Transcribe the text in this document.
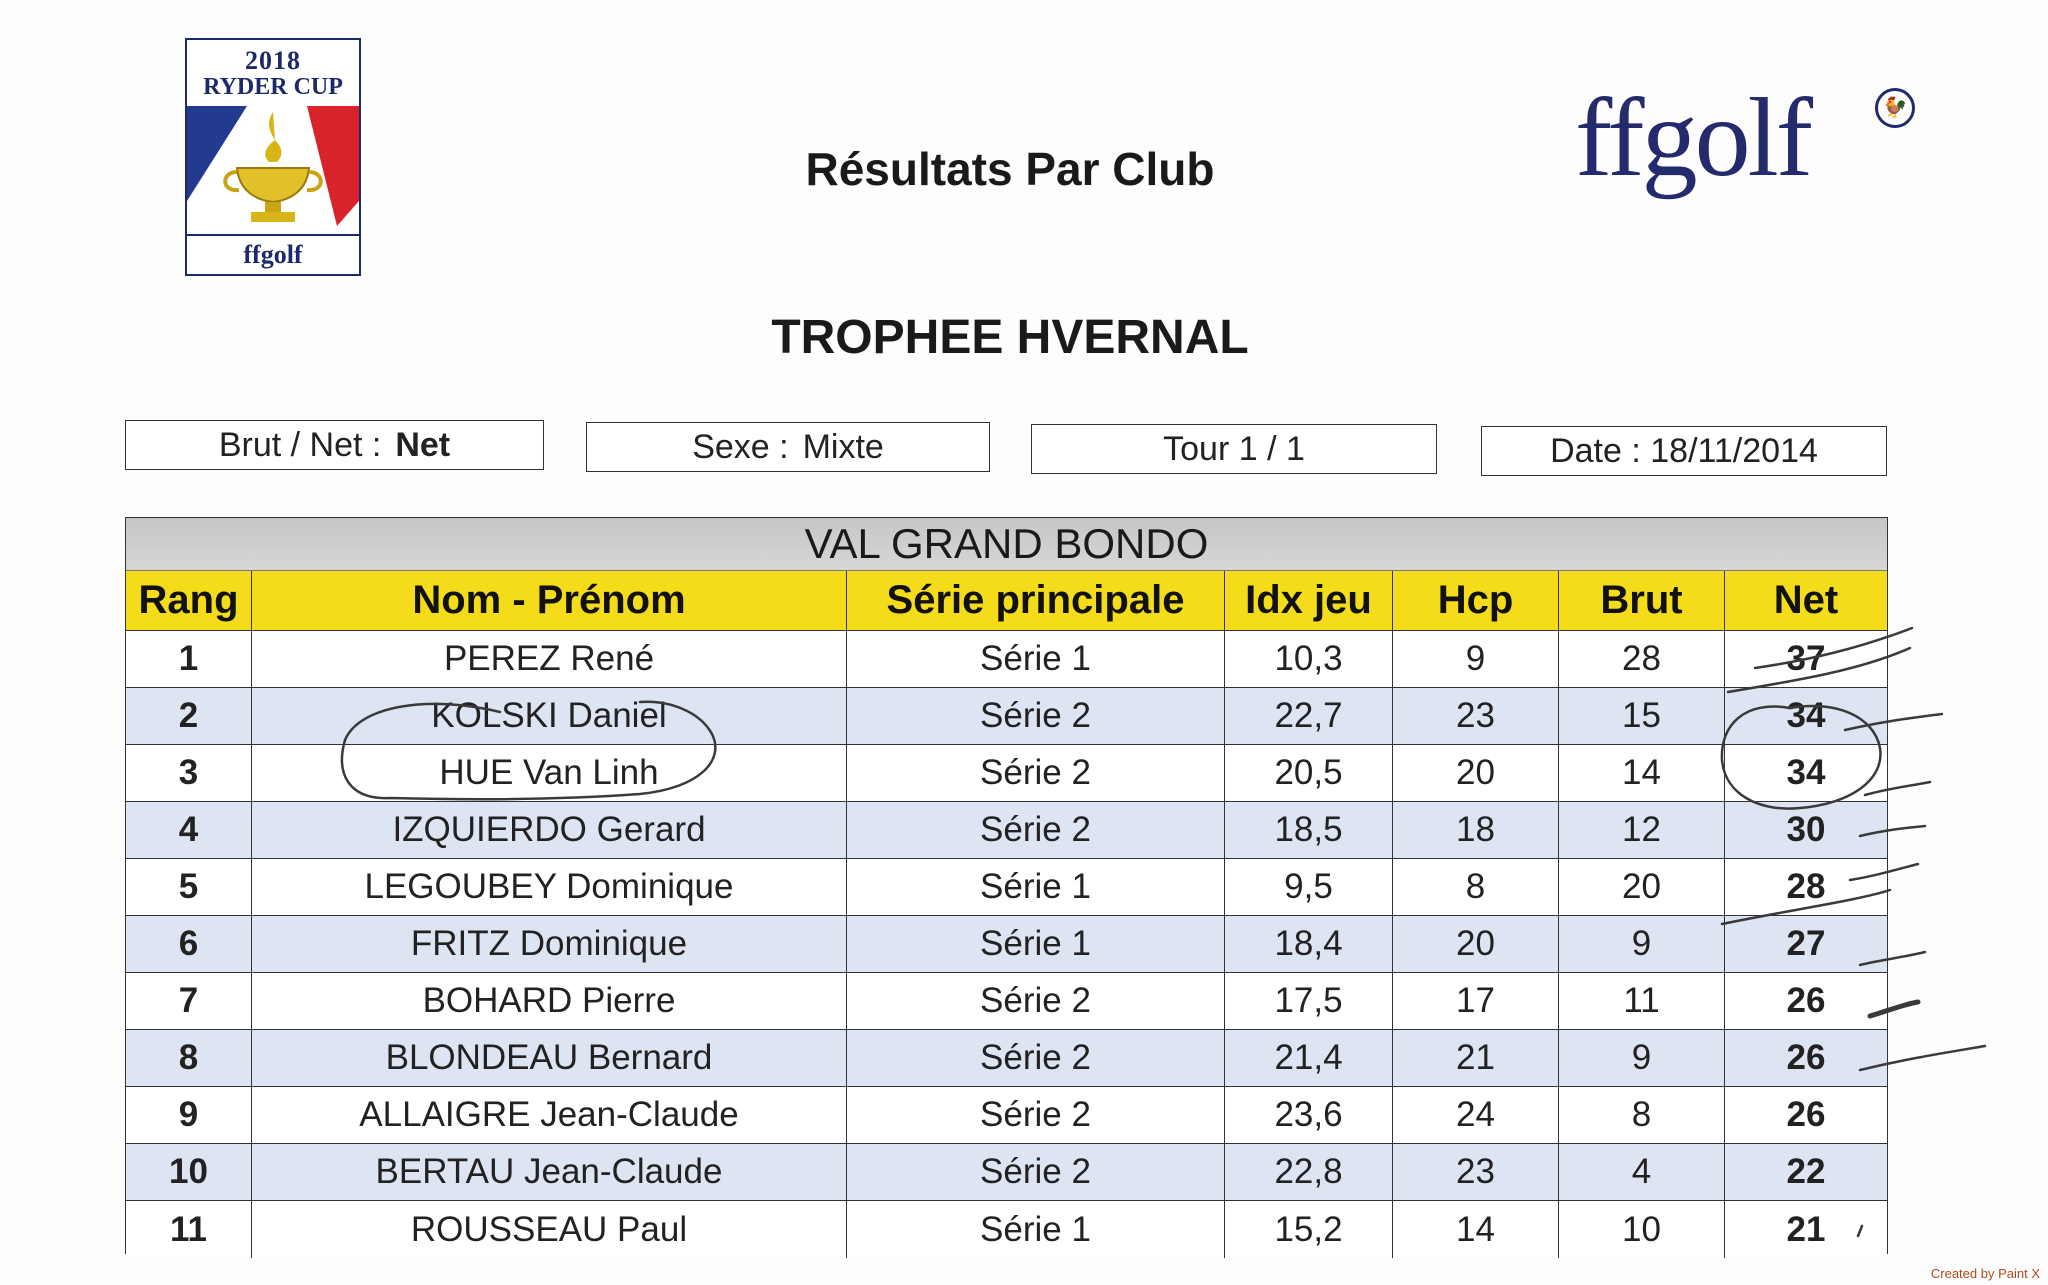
2018
RYDER CUP
ffgolf
ffgolf	🐓
Résultats Par Club
TROPHEE HVERNAL
Brut / Net : Net	Sexe : Mixte	Tour 1 / 1	Date : 18/11/2014
VAL GRAND BONDO
Rang	Nom - Prénom	Série principale	Idx jeu	Hcp	Brut	Net
1	PEREZ René	Série 1	10,3	9	28	37
2	KOLSKI Daniel	Série 2	22,7	23	15	34
3	HUE Van Linh	Série 2	20,5	20	14	34
4	IZQUIERDO Gerard	Série 2	18,5	18	12	30
5	LEGOUBEY Dominique	Série 1	9,5	8	20	28
6	FRITZ Dominique	Série 1	18,4	20	9	27
7	BOHARD Pierre	Série 2	17,5	17	11	26
8	BLONDEAU Bernard	Série 2	21,4	21	9	26
9	ALLAIGRE Jean-Claude	Série 2	23,6	24	8	26
10	BERTAU Jean-Claude	Série 2	22,8	23	4	22
11	ROUSSEAU Paul	Série 1	15,2	14	10	21
Created by Paint X
